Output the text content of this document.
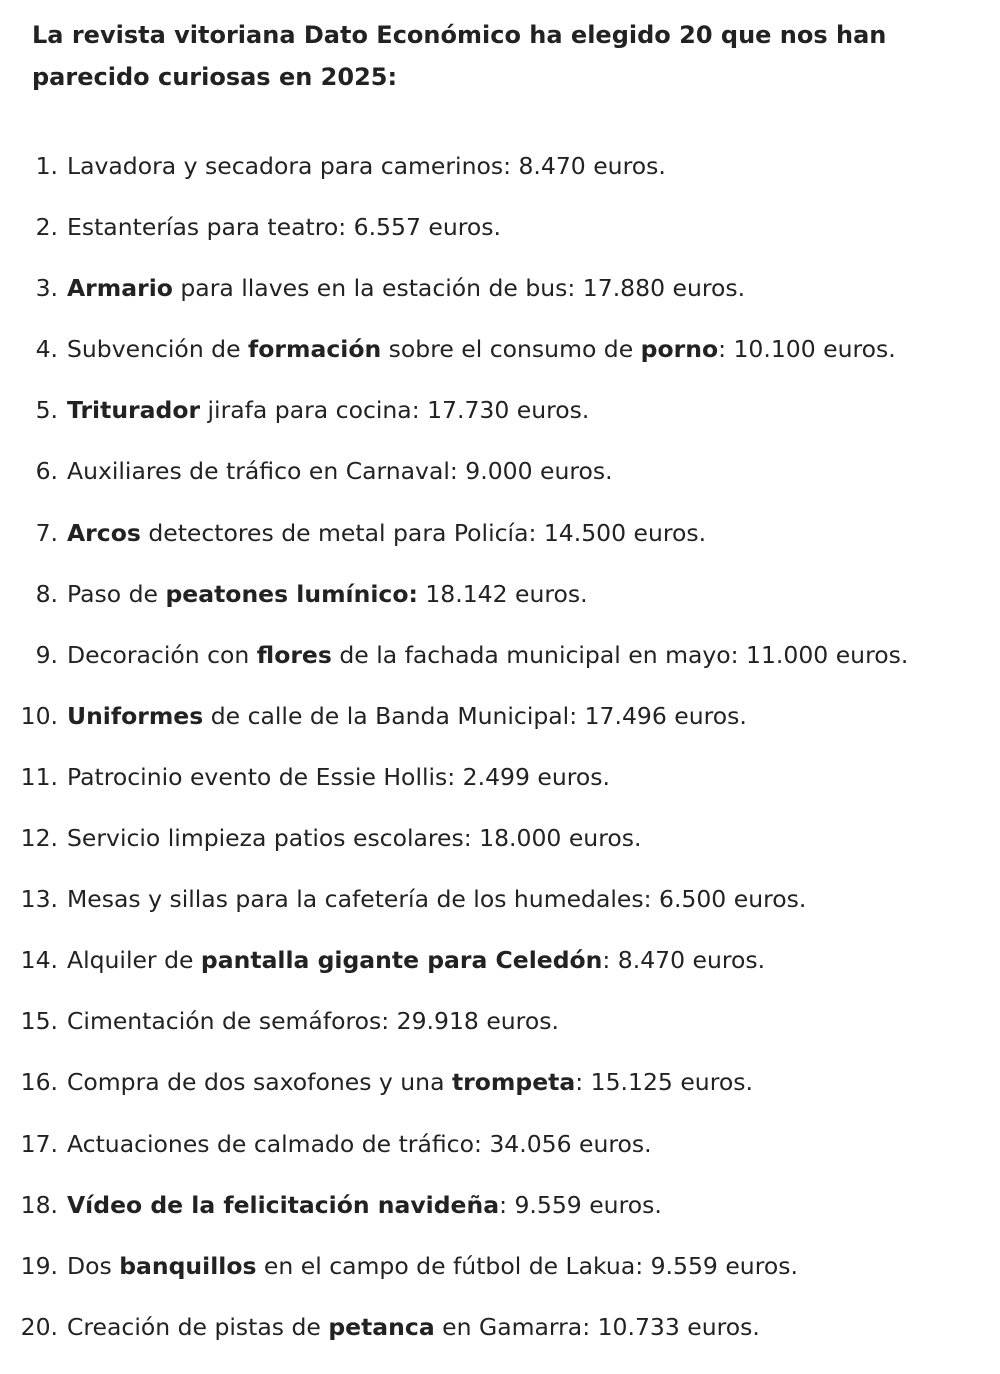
La revista vitoriana Dato Económico ha elegido 20 que nos han parecido curiosas en 2025:

1. Lavadora y secadora para camerinos: 8.470 euros.
2. Estanterías para teatro: 6.557 euros.
3. Armario para llaves en la estación de bus: 17.880 euros.
4. Subvención de formación sobre el consumo de porno: 10.100 euros.
5. Triturador jirafa para cocina: 17.730 euros.
6. Auxiliares de tráfico en Carnaval: 9.000 euros.
7. Arcos detectores de metal para Policía: 14.500 euros.
8. Paso de peatones lumínico: 18.142 euros.
9. Decoración con flores de la fachada municipal en mayo: 11.000 euros.
10. Uniformes de calle de la Banda Municipal: 17.496 euros.
11. Patrocinio evento de Essie Hollis: 2.499 euros.
12. Servicio limpieza patios escolares: 18.000 euros.
13. Mesas y sillas para la cafetería de los humedales: 6.500 euros.
14. Alquiler de pantalla gigante para Celedón: 8.470 euros.
15. Cimentación de semáforos: 29.918 euros.
16. Compra de dos saxofones y una trompeta: 15.125 euros.
17. Actuaciones de calmado de tráfico: 34.056 euros.
18. Vídeo de la felicitación navideña: 9.559 euros.
19. Dos banquillos en el campo de fútbol de Lakua: 9.559 euros.
20. Creación de pistas de petanca en Gamarra: 10.733 euros.
